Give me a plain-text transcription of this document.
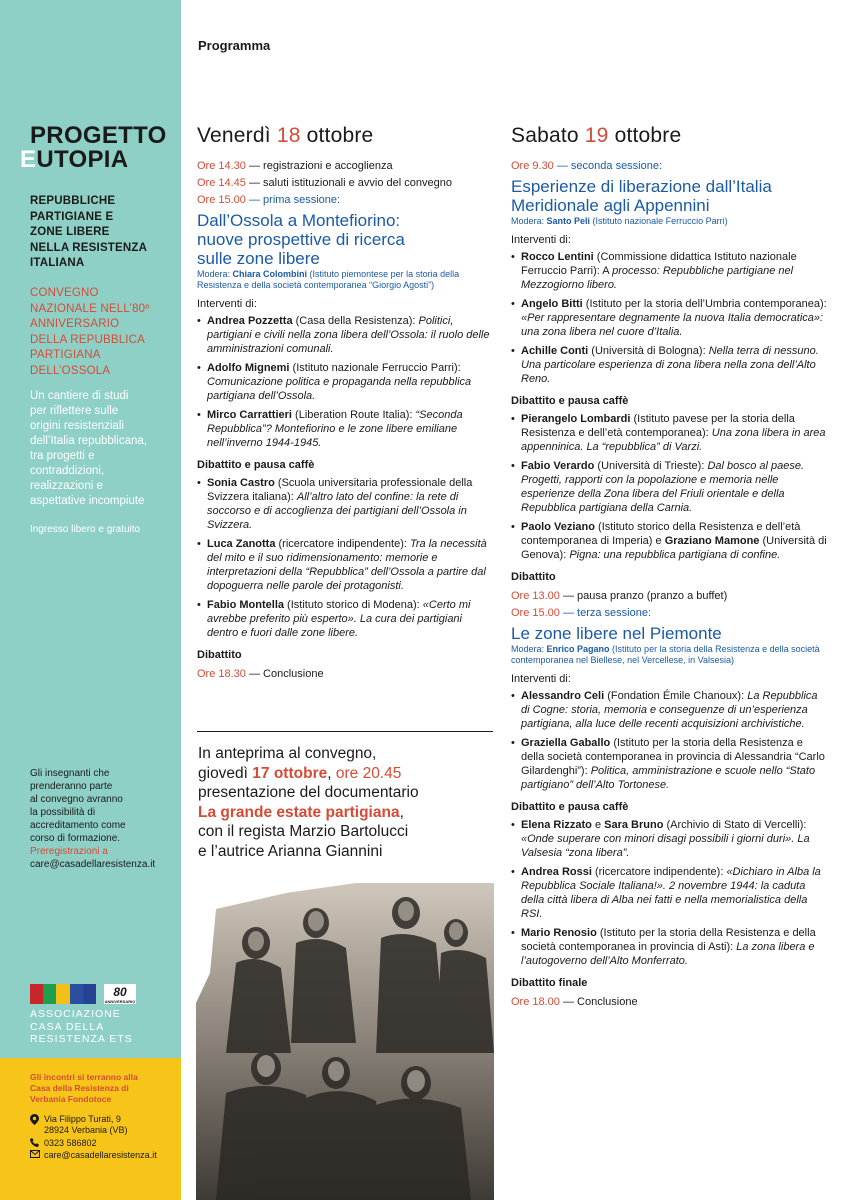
PROGETTO
EUTOPIA
REPUBBLICHE
PARTIGIANE E
ZONE LIBERE
NELLA RESISTENZA
ITALIANA
CONVEGNO
NAZIONALE NELL’80º
ANNIVERSARIO
DELLA REPUBBLICA
PARTIGIANA
DELL’OSSOLA
Un cantiere di studi
per riflettere sulle
origini resistenziali
dell’Italia repubblicana,
tra progetti e
contraddizioni,
realizzazioni e
aspettative incompiute
Ingresso libero e gratuito
Gli insegnanti che
prenderanno parte
al convegno avranno
la possibilità di
accreditamento come
corso di formazione.
Preregistrazioni a
care@casadellaresistenza.it
80
ANNIVERSARIO
ASSOCIAZIONE
CASA DELLA
RESISTENZA ETS
Gli incontri si terranno alla
Casa della Resistenza di
Verbania Fondotoce
Via Filippo Turati, 9
28924 Verbania (VB)
0323 586802
care@casadellaresistenza.it
Programma
Venerdì 18 ottobre
Ore 14.30 — registrazioni e accoglienza
Ore 14.45 — saluti istituzionali e avvio del convegno
Ore 15.00 — prima sessione:
Dall’Ossola a Montefiorino:
nuove prospettive di ricerca
sulle zone libere
Modera: Chiara Colombini (Istituto piemontese per la storia della Resistenza e della società contemporanea “Giorgio Agosti”)
Interventi di:
• Andrea Pozzetta (Casa della Resistenza): Politici, partigiani e civili nella zona libera dell’Ossola: il ruolo delle amministrazioni comunali.
• Adolfo Mignemi (Istituto nazionale Ferruccio Parri): Comunicazione politica e propaganda nella repubblica partigiana dell’Ossola.
• Mirco Carrattieri (Liberation Route Italia): “Seconda Repubblica”? Montefiorino e le zone libere emiliane nell’inverno 1944-1945.
Dibattito e pausa caffè
• Sonia Castro (Scuola universitaria professionale della Svizzera italiana): All’altro lato del confine: la rete di soccorso e di accoglienza dei partigiani dell’Ossola in Svizzera.
• Luca Zanotta (ricercatore indipendente): Tra la necessità del mito e il suo ridimensionamento: memorie e interpretazioni della “Repubblica” dell’Ossola a partire dal dopoguerra nelle parole dei protagonisti.
• Fabio Montella (Istituto storico di Modena): «Certo mi avrebbe preferito più esperto». La cura dei partigiani dentro e fuori dalle zone libere.
Dibattito
Ore 18.30 — Conclusione
In anteprima al convegno,
giovedì 17 ottobre, ore 20.45
presentazione del documentario
La grande estate partigiana,
con il regista Marzio Bartolucci
e l’autrice Arianna Giannini
Sabato 19 ottobre
Ore 9.30 — seconda sessione:
Esperienze di liberazione dall’Italia
Meridionale agli Appennini
Modera: Santo Peli (Istituto nazionale Ferruccio Parri)
Interventi di:
• Rocco Lentini (Commissione didattica Istituto nazionale Ferruccio Parri): A processo: Repubbliche partigiane nel Mezzogiorno libero.
• Angelo Bitti (Istituto per la storia dell’Umbria contemporanea): «Per rappresentare degnamente la nuova Italia democratica»: una zona libera nel cuore d’Italia.
• Achille Conti (Università di Bologna): Nella terra di nessuno. Una particolare esperienza di zona libera nella zona dell’Alto Reno.
Dibattito e pausa caffè
• Pierangelo Lombardi (Istituto pavese per la storia della Resistenza e dell’età contemporanea): Una zona libera in area appenninica. La “repubblica” di Varzi.
• Fabio Verardo (Università di Trieste): Dal bosco al paese. Progetti, rapporti con la popolazione e memoria nelle esperienze della Zona libera del Friuli orientale e della Repubblica partigiana della Carnia.
• Paolo Veziano (Istituto storico della Resistenza e dell’età contemporanea di Imperia) e Graziano Mamone (Università di Genova): Pigna: una repubblica partigiana di confine.
Dibattito
Ore 13.00 — pausa pranzo (pranzo a buffet)
Ore 15.00 — terza sessione:
Le zone libere nel Piemonte
Modera: Enrico Pagano (Istituto per la storia della Resistenza e della società contemporanea nel Biellese, nel Vercellese, in Valsesia)
Interventi di:
• Alessandro Celi (Fondation Émile Chanoux): La Repubblica di Cogne: storia, memoria e conseguenze di un’esperienza partigiana, alla luce delle recenti acquisizioni archivistiche.
• Graziella Gaballo (Istituto per la storia della Resistenza e della società contemporanea in provincia di Alessandria “Carlo Gilardenghi”): Politica, amministrazione e scuole nello “Stato partigiano” dell’Alto Tortonese.
Dibattito e pausa caffè
• Elena Rizzato e Sara Bruno (Archivio di Stato di Vercelli): «Onde superare con minori disagi possibili i giorni duri». La Valsesia “zona libera”.
• Andrea Rossi (ricercatore indipendente): «Dichiaro in Alba la Repubblica Sociale Italiana!». 2 novembre 1944: la caduta della città libera di Alba nei fatti e nella memorialistica della RSI.
• Mario Renosio (Istituto per la storia della Resistenza e della società contemporanea in provincia di Asti): La zona libera e l’autogoverno dell’Alto Monferrato.
Dibattito finale
Ore 18.00 — Conclusione
